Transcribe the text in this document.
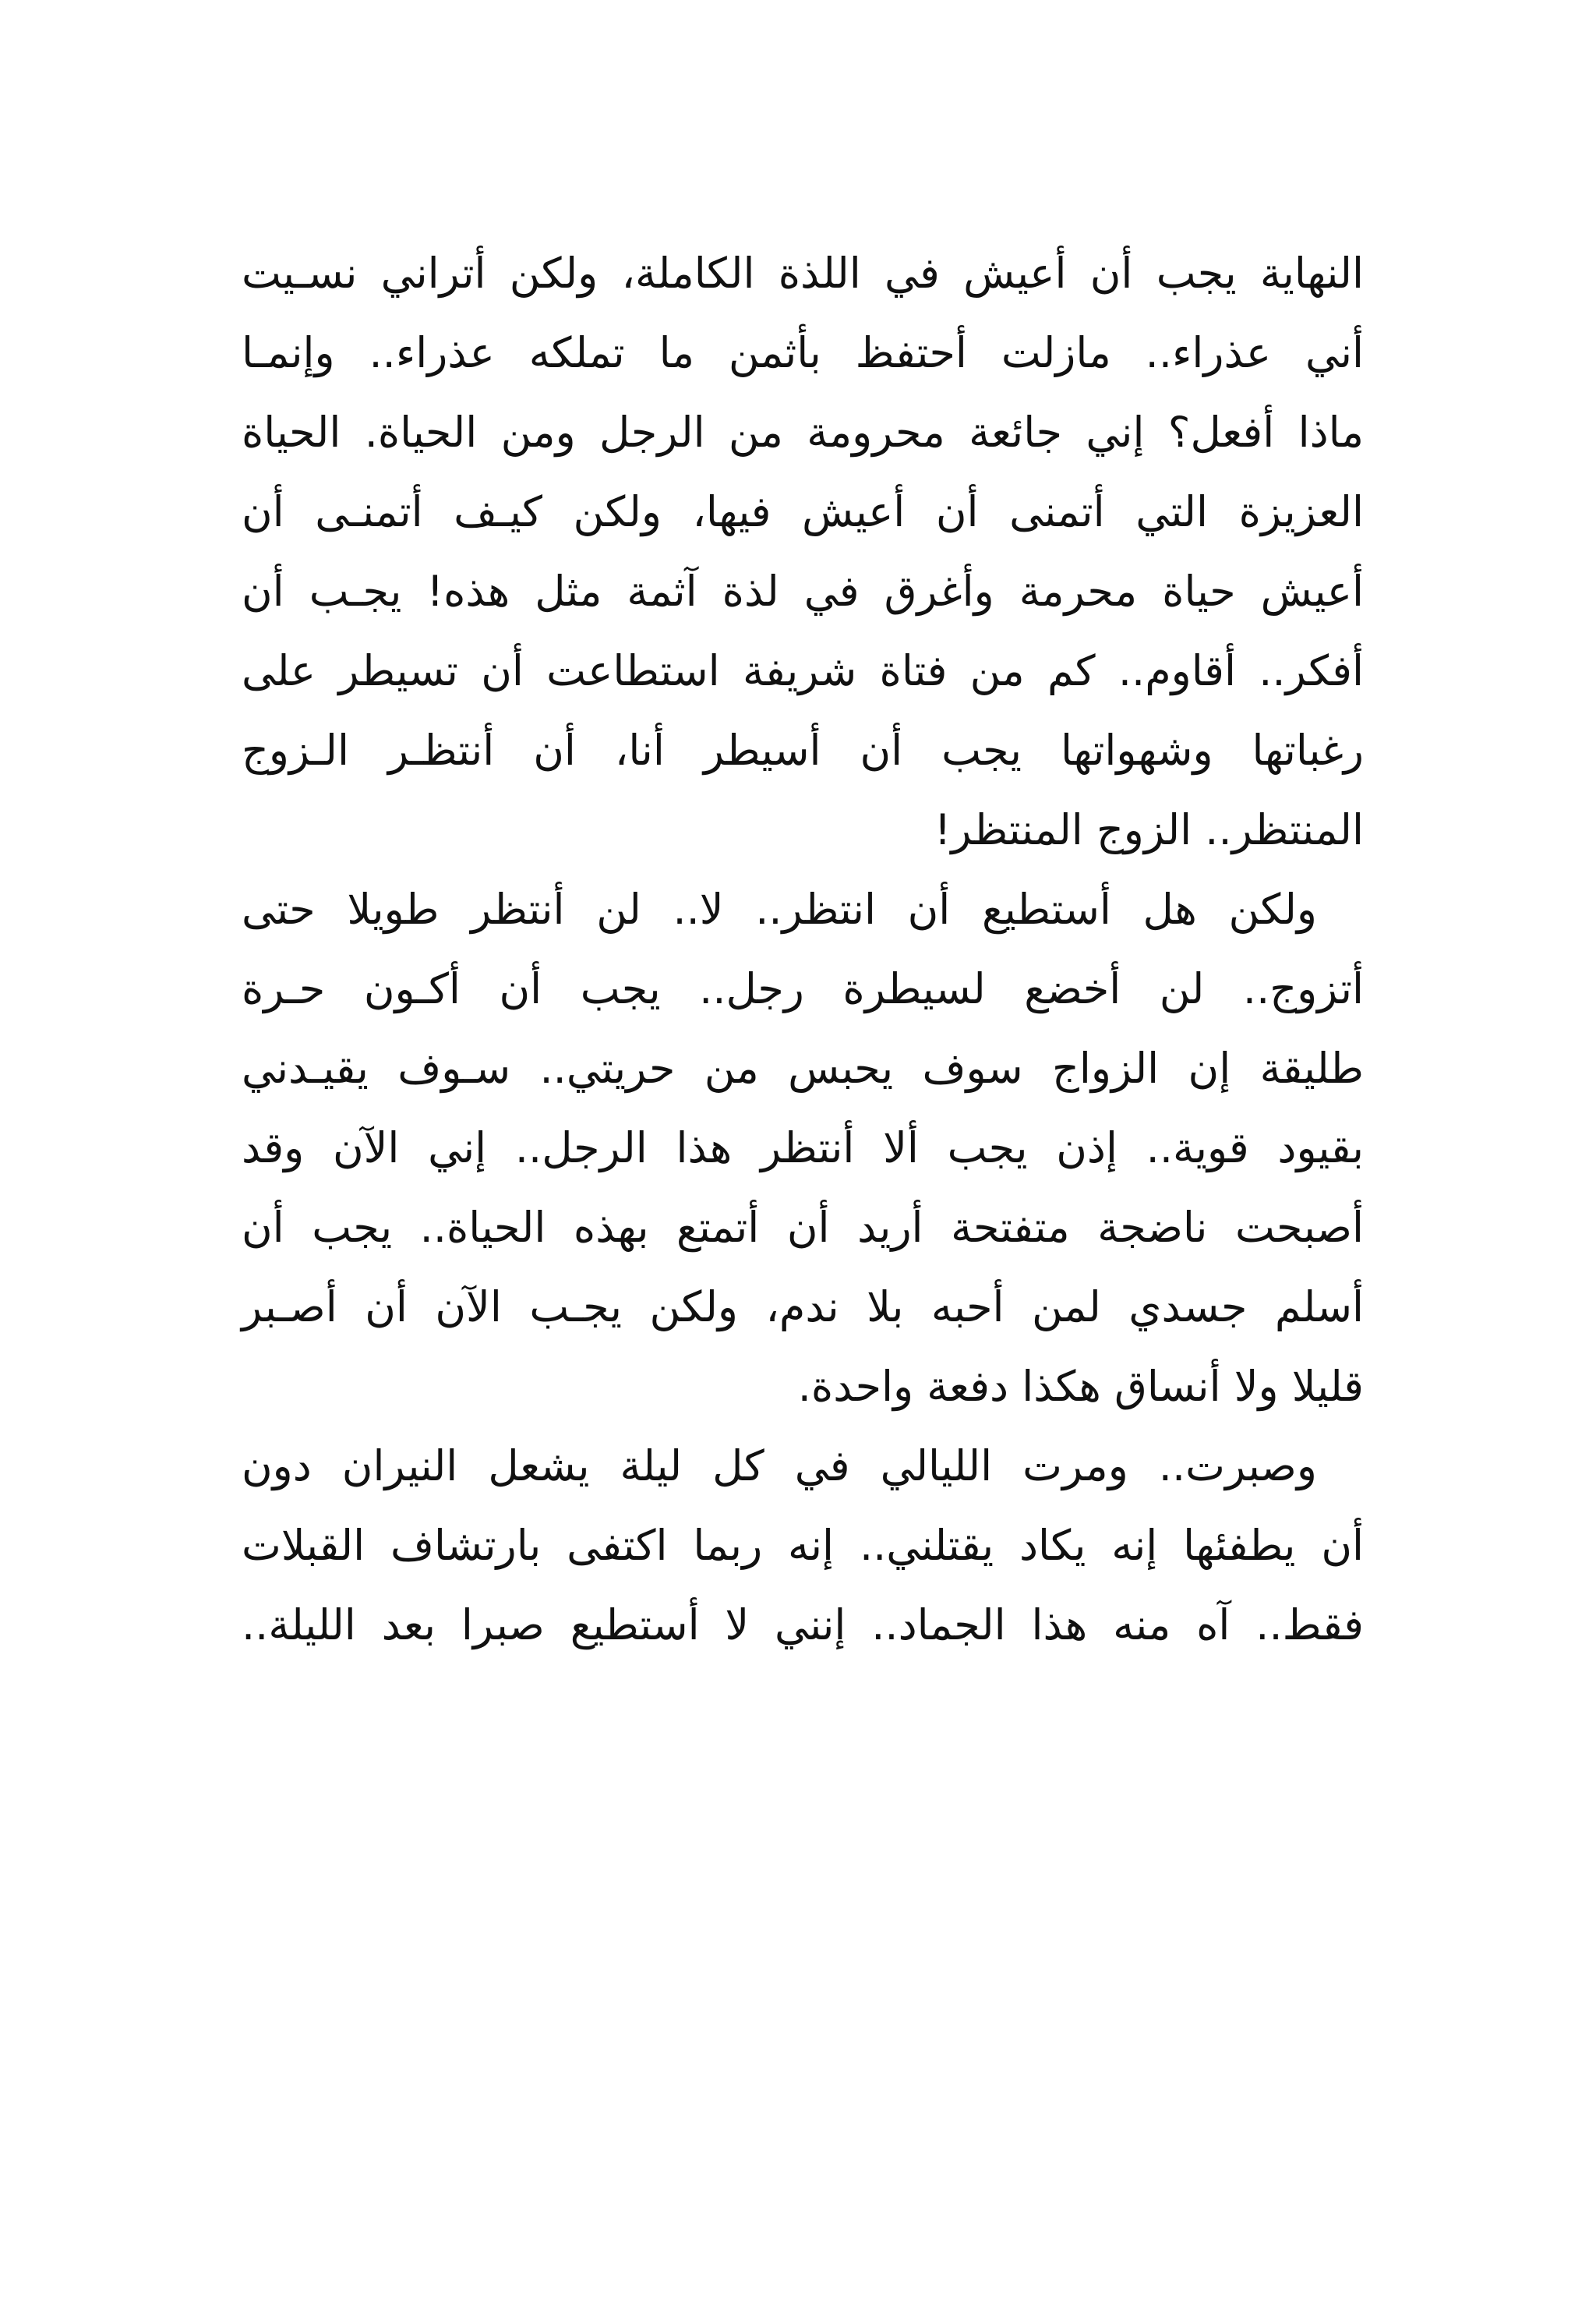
النهاية يجب أن أعيش في اللذة الكاملة، ولكن أتراني نسـيت
أني عذراء.. مازلت أحتفظ بأثمن ما تملكه عذراء.. وإنمـا
ماذا أفعل؟ إني جائعة محرومة من الرجل ومن الحياة. الحياة
العزيزة التي أتمنى أن أعيش فيها، ولكن كيـف أتمنـى أن
أعيش حياة محرمة وأغرق في لذة آثمة مثل هذه! يجـب أن
أفكر.. أقاوم.. كم من فتاة شريفة استطاعت أن تسيطر على
رغباتها وشهواتها يجب أن أسيطر أنا، أن أنتظـر الـزوج
المنتظر.. الزوج المنتظر!
ولكن هل أستطيع أن انتظر.. لا.. لن أنتظر طويلا حتى
أتزوج.. لن أخضع لسيطرة رجل.. يجب أن أكـون حـرة
طليقة إن الزواج سوف يحبس من حريتي.. سـوف يقيـدني
بقيود قوية.. إذن يجب ألا أنتظر هذا الرجل.. إني الآن وقد
أصبحت ناضجة متفتحة أريد أن أتمتع بهذه الحياة.. يجب أن
أسلم جسدي لمن أحبه بلا ندم، ولكن يجـب الآن أن أصـبر
قليلا ولا أنساق هكذا دفعة واحدة.
وصبرت.. ومرت الليالي في كل ليلة يشعل النيران دون
أن يطفئها إنه يكاد يقتلني.. إنه ربما اكتفى بارتشاف القبلات
فقط.. آه منه هذا الجماد.. إنني لا أستطيع صبرا بعد الليلة..
